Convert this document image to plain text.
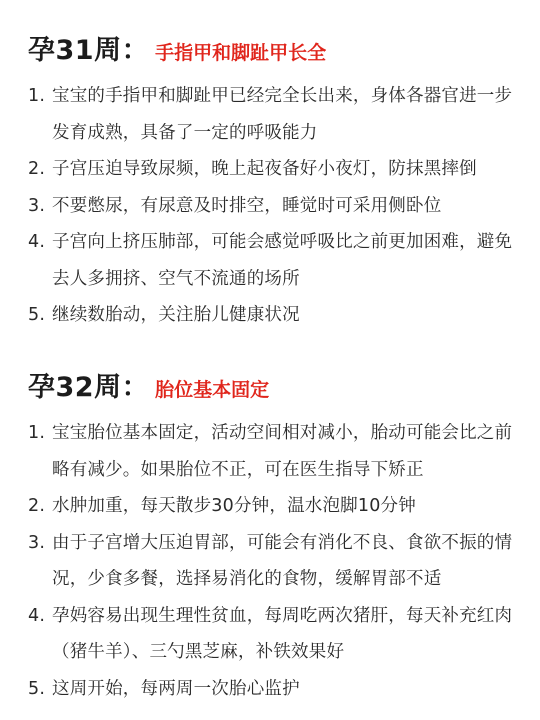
孕31周： 手指甲和脚趾甲长全
1. 宝宝的手指甲和脚趾甲已经完全长出来，身体各器官进一步发育成熟，具备了一定的呼吸能力
2. 子宫压迫导致尿频，晚上起夜备好小夜灯，防抹黑摔倒
3. 不要憋尿，有尿意及时排空，睡觉时可采用侧卧位
4. 子宫向上挤压肺部，可能会感觉呼吸比之前更加困难，避免去人多拥挤、空气不流通的场所
5. 继续数胎动，关注胎儿健康状况
孕32周： 胎位基本固定
1. 宝宝胎位基本固定，活动空间相对减小，胎动可能会比之前略有减少。如果胎位不正，可在医生指导下矫正
2. 水肿加重，每天散步30分钟，温水泡脚10分钟
3. 由于子宫增大压迫胃部，可能会有消化不良、食欲不振的情况，少食多餐，选择易消化的食物，缓解胃部不适
4. 孕妈容易出现生理性贫血，每周吃两次猪肝，每天补充红肉（猪牛羊）、三勺黑芝麻，补铁效果好
5. 这周开始，每两周一次胎心监护
